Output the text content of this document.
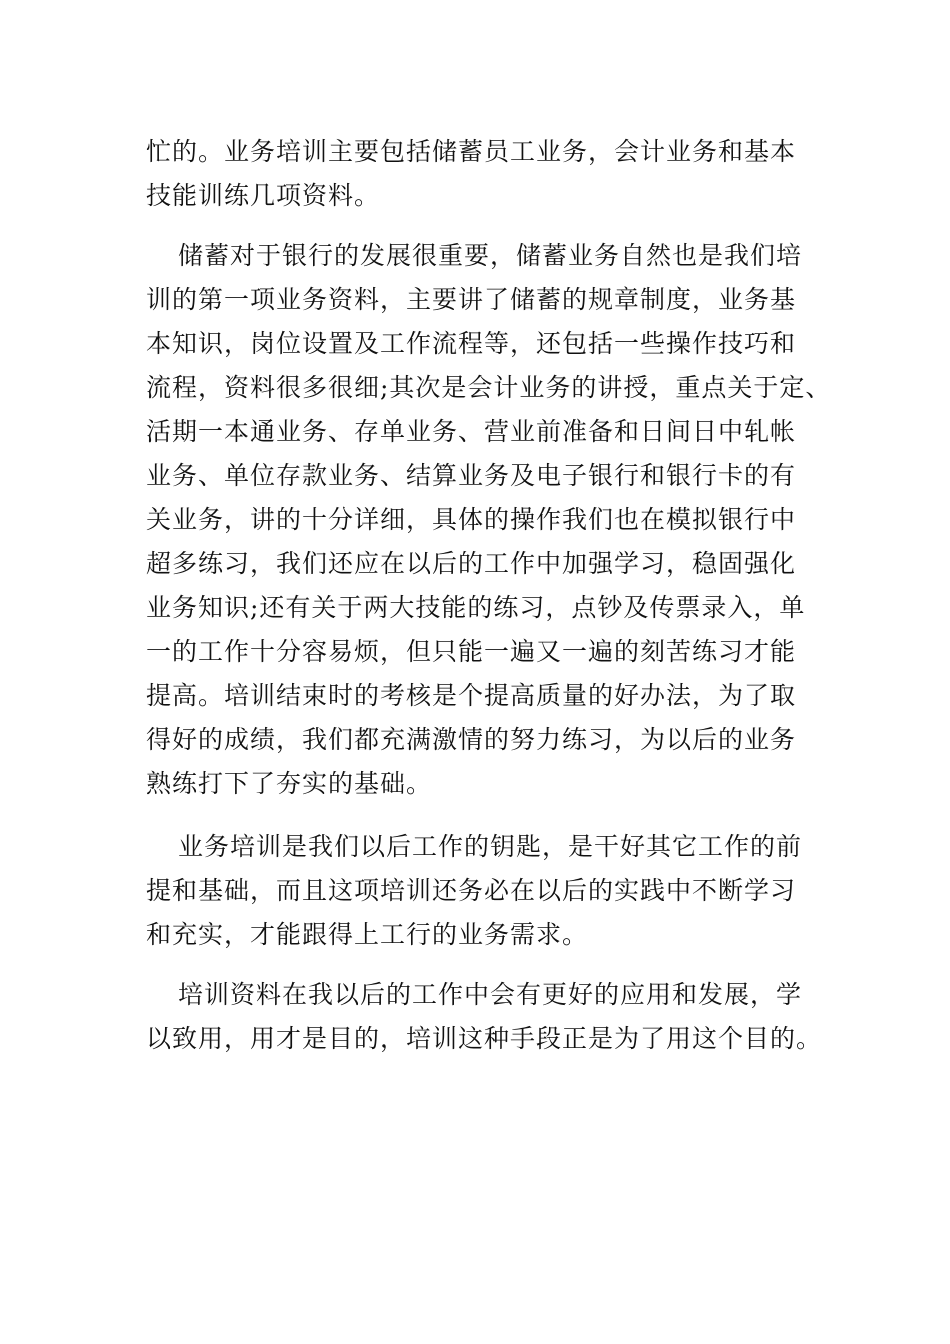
忙的。业务培训主要包括储蓄员工业务，会计业务和基本
技能训练几项资料。
储蓄对于银行的发展很重要，储蓄业务自然也是我们培
训的第一项业务资料，主要讲了储蓄的规章制度，业务基
本知识，岗位设置及工作流程等，还包括一些操作技巧和
流程，资料很多很细;其次是会计业务的讲授，重点关于定、
活期一本通业务、存单业务、营业前准备和日间日中轧帐
业务、单位存款业务、结算业务及电子银行和银行卡的有
关业务，讲的十分详细，具体的操作我们也在模拟银行中
超多练习，我们还应在以后的工作中加强学习，稳固强化
业务知识;还有关于两大技能的练习，点钞及传票录入，单
一的工作十分容易烦，但只能一遍又一遍的刻苦练习才能
提高。培训结束时的考核是个提高质量的好办法，为了取
得好的成绩，我们都充满激情的努力练习，为以后的业务
熟练打下了夯实的基础。
业务培训是我们以后工作的钥匙，是干好其它工作的前
提和基础，而且这项培训还务必在以后的实践中不断学习
和充实，才能跟得上工行的业务需求。
培训资料在我以后的工作中会有更好的应用和发展，学
以致用，用才是目的，培训这种手段正是为了用这个目的。
